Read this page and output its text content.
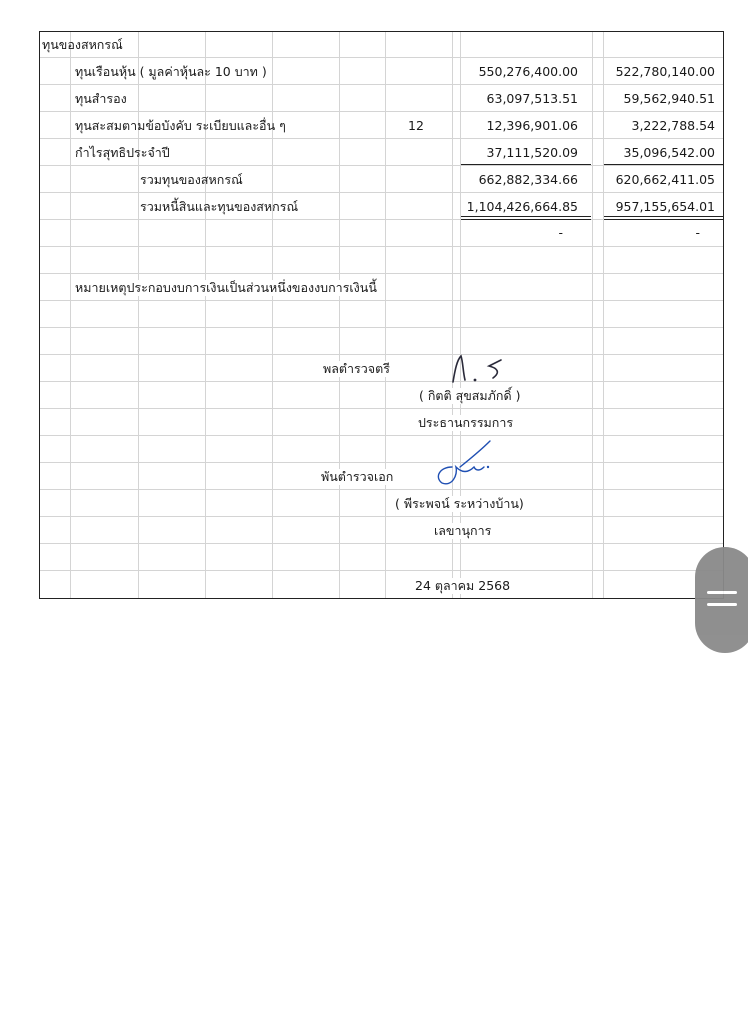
ทุนของสหกรณ์
ทุนเรือนหุ้น ( มูลค่าหุ้นละ 10 บาท )	550,276,400.00	522,780,140.00
ทุนสำรอง	63,097,513.51	59,562,940.51
ทุนสะสมตามข้อบังคับ ระเบียบและอื่น ๆ	12	12,396,901.06	3,222,788.54
กำไรสุทธิประจำปี	37,111,520.09	35,096,542.00
รวมทุนของสหกรณ์	662,882,334.66	620,662,411.05
รวมหนี้สินและทุนของสหกรณ์	1,104,426,664.85	957,155,654.01
-	-
หมายเหตุประกอบงบการเงินเป็นส่วนหนึ่งของงบการเงินนี้
พลตำรวจตรี
( กิตติ สุขสมภักดิ์ )
ประธานกรรมการ
พันตำรวจเอก
( พีระพจน์ ระหว่างบ้าน)
เลขานุการ
24 ตุลาคม 2568
